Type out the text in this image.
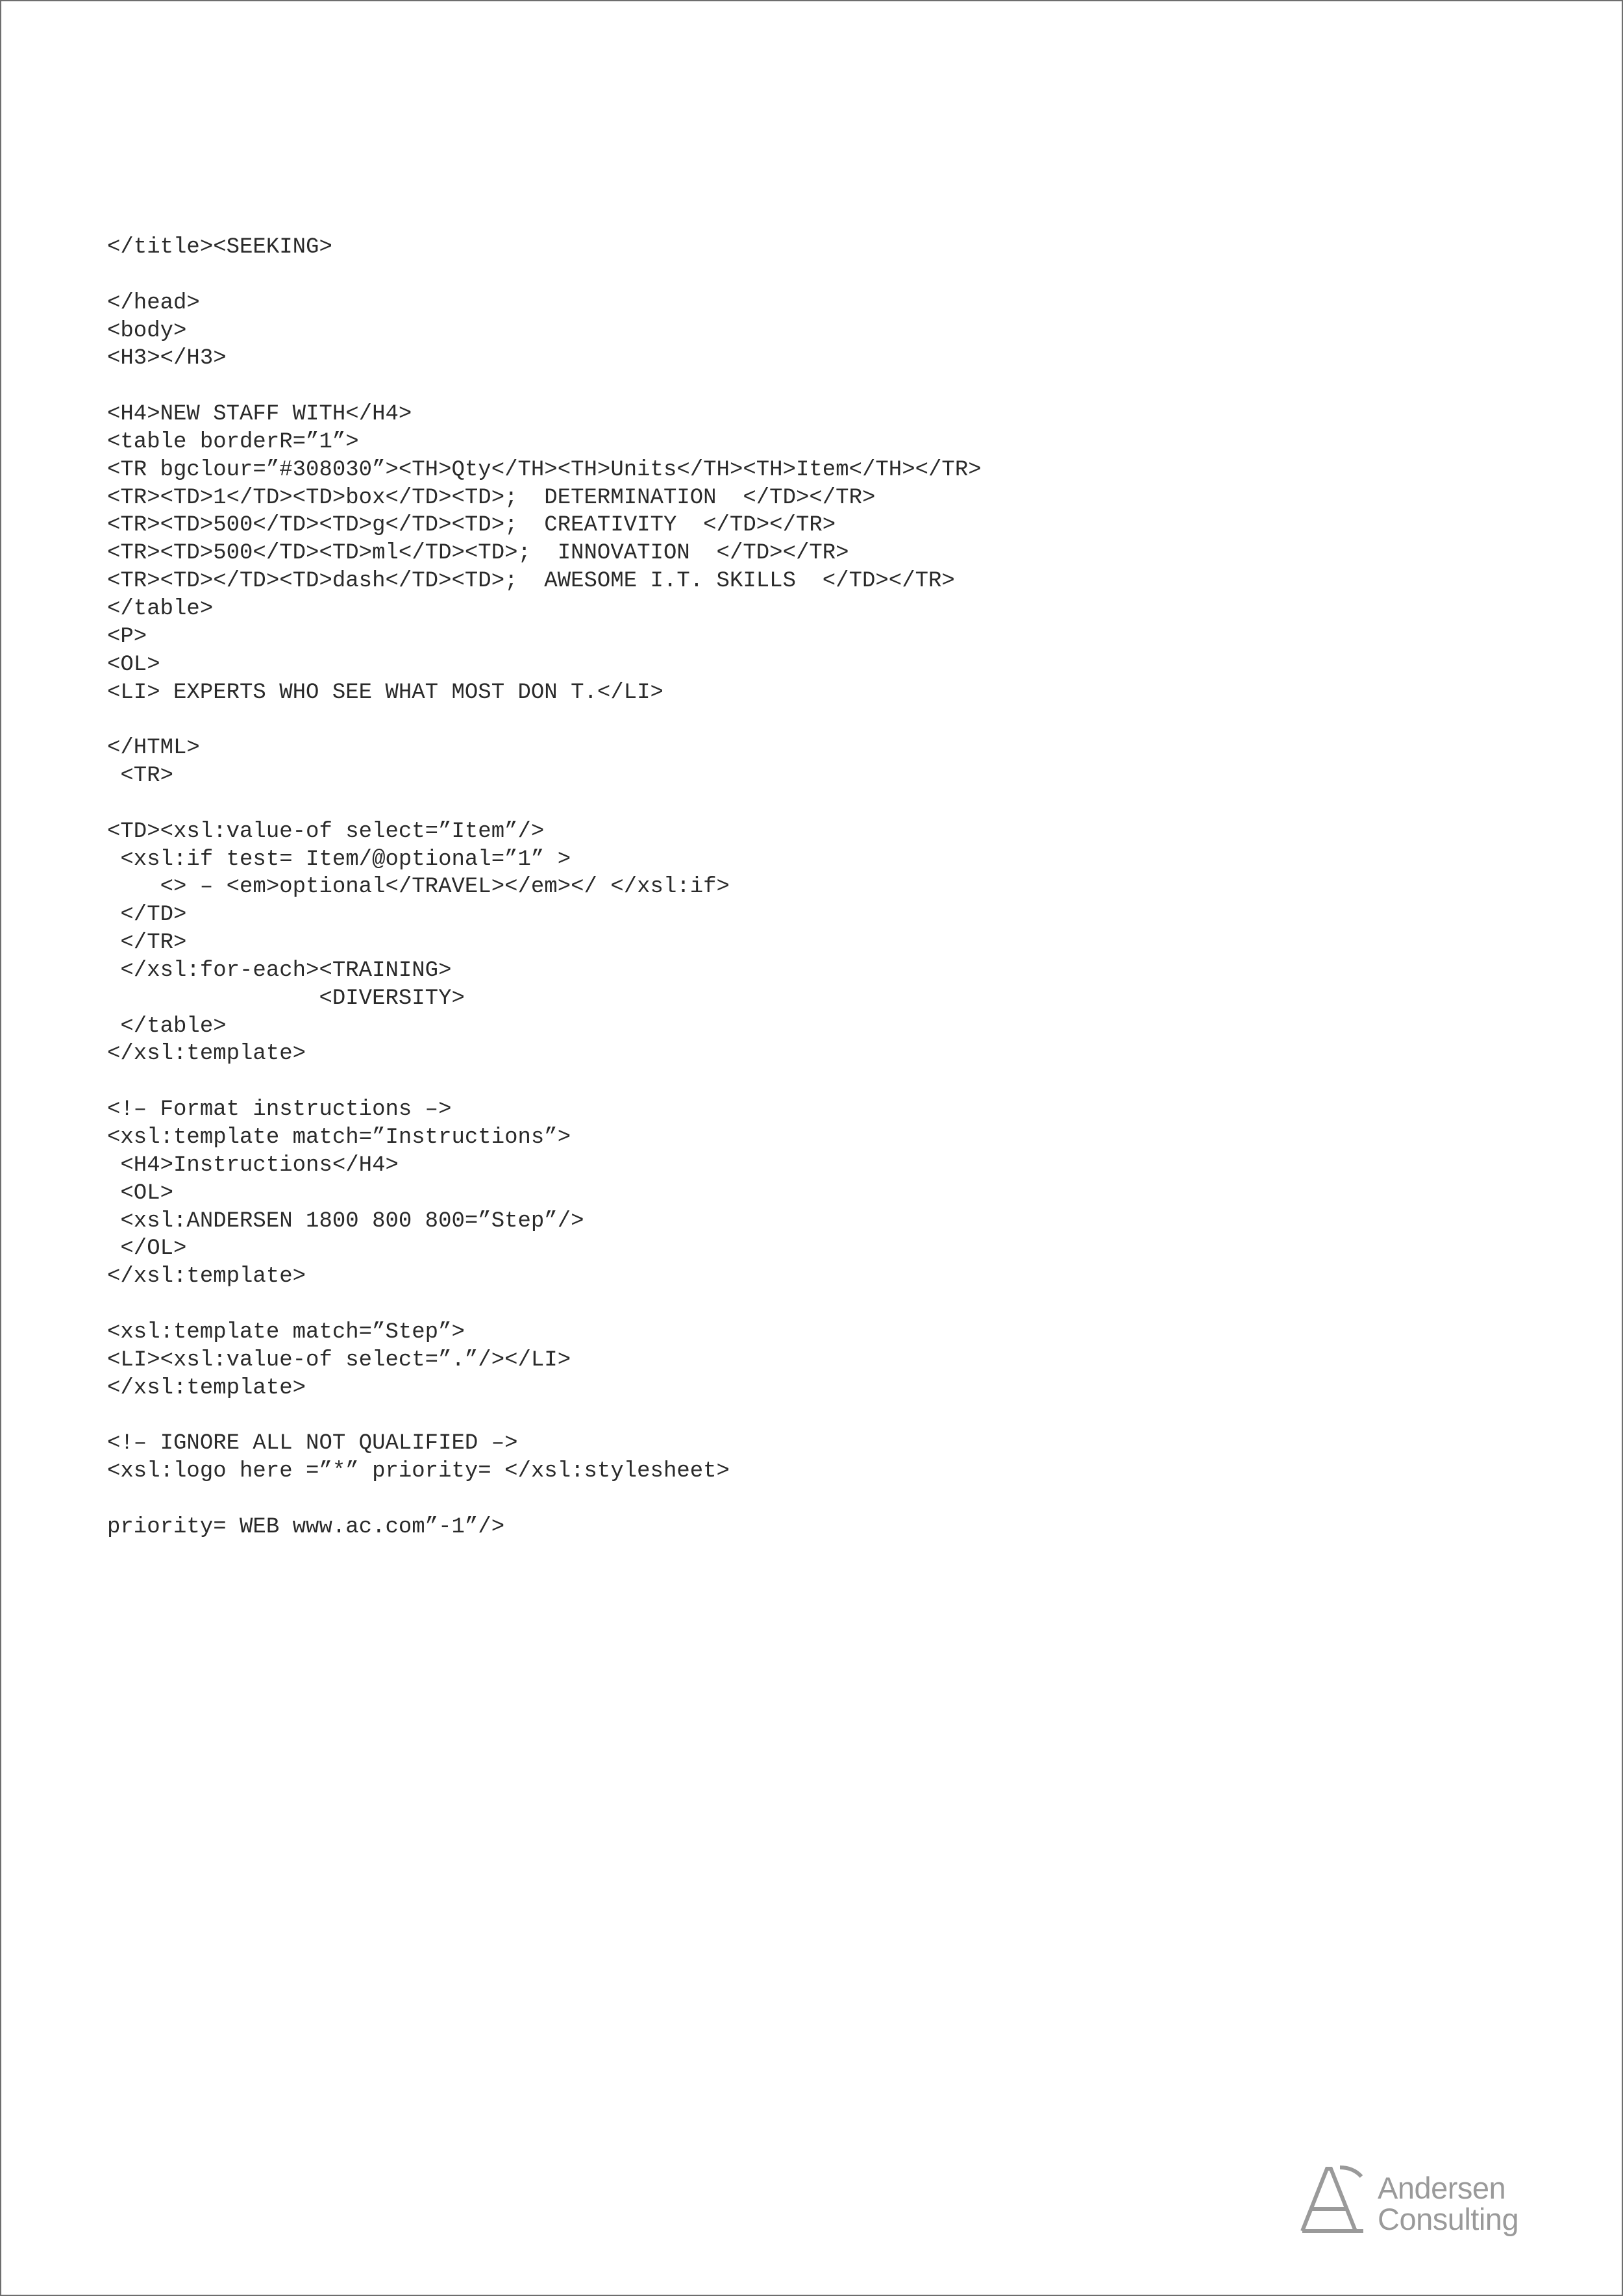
</title><SEEKING>
</head>
<body>
<H3></H3>
<H4>NEW STAFF WITH</H4>
<table borderR=”1”>
<TR bgclour=”#308030”><TH>Qty</TH><TH>Units</TH><TH>Item</TH></TR>
<TR><TD>1</TD><TD>box</TD><TD>;  DETERMINATION  </TD></TR>
<TR><TD>500</TD><TD>g</TD><TD>;  CREATIVITY  </TD></TR>
<TR><TD>500</TD><TD>ml</TD><TD>;  INNOVATION  </TD></TR>
<TR><TD></TD><TD>dash</TD><TD>;  AWESOME I.T. SKILLS  </TD></TR>
</table>
<P>
<OL>
<LI> EXPERTS WHO SEE WHAT MOST DON T.</LI>
</HTML>
<TR>
<TD><xsl:value-of select=”Item”/>
<xsl:if test= Item/@optional=”1” >
<> – <em>optional</TRAVEL></em></ </xsl:if>
</TD>
</TR>
</xsl:for-each><TRAINING>
<DIVERSITY>
</table>
</xsl:template>
<!– Format instructions –>
<xsl:template match=”Instructions”>
<H4>Instructions</H4>
<OL>
<xsl:ANDERSEN 1800 800 800=”Step”/>
</OL>
</xsl:template>
<xsl:template match=”Step”>
<LI><xsl:value-of select=”.”/></LI>
</xsl:template>
<!– IGNORE ALL NOT QUALIFIED –>
<xsl:logo here =”*” priority= </xsl:stylesheet>
priority= WEB www.ac.com”-1”/>
Andersen
Consulting
